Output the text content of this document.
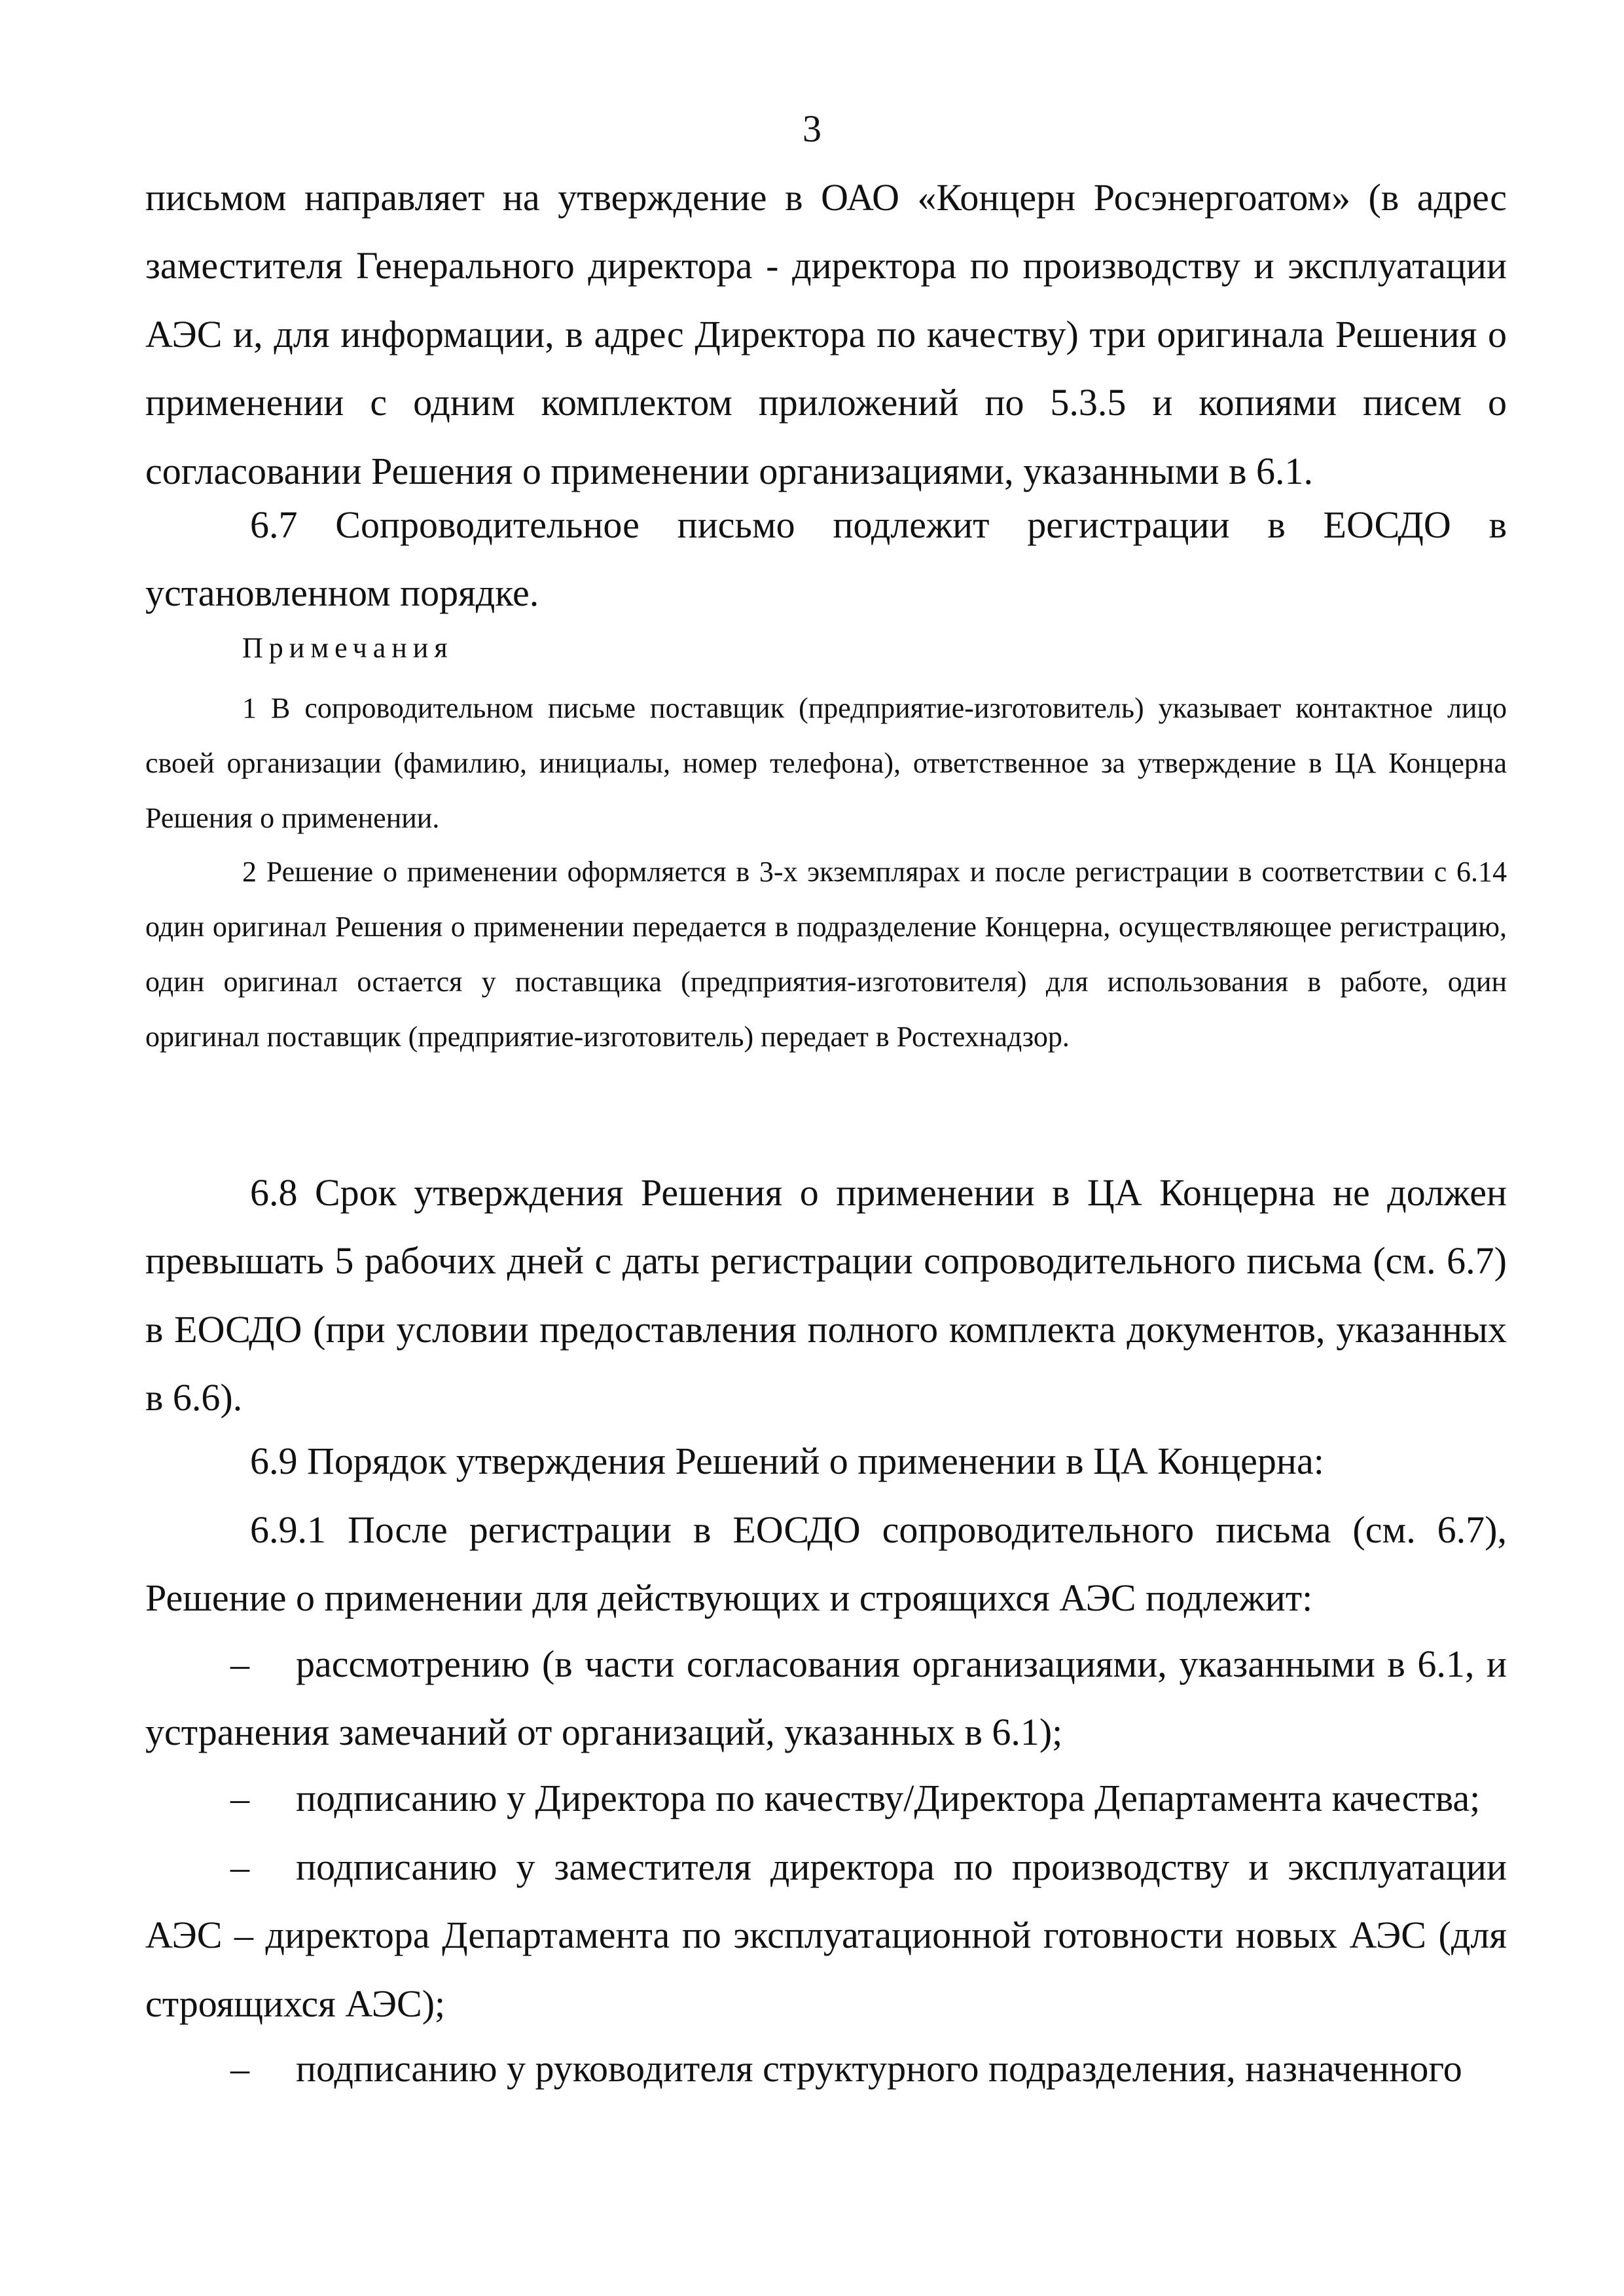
3

письмом направляет на утверждение в ОАО «Концерн Росэнергоатом» (в адрес заместителя Генерального директора - директора по производству и эксплуатации АЭС и, для информации, в адрес Директора по качеству) три оригинала Решения о применении с одним комплектом приложений по 5.3.5 и копиями писем о согласовании Решения о применении организациями, указанными в 6.1.

6.7 Сопроводительное письмо подлежит регистрации в ЕОСДО в установленном порядке.

Примечания

1 В сопроводительном письме поставщик (предприятие-изготовитель) указывает контактное лицо своей организации (фамилию, инициалы, номер телефона), ответственное за утверждение в ЦА Концерна Решения о применении.

2 Решение о применении оформляется в 3-х экземплярах и после регистрации в соответствии с 6.14 один оригинал Решения о применении передается в подразделение Концерна, осуществляющее регистрацию, один оригинал остается у поставщика (предприятия-изготовителя) для использования в работе, один оригинал поставщик (предприятие-изготовитель) передает в Ростехнадзор.

6.8 Срок утверждения Решения о применении в ЦА Концерна не должен превышать 5 рабочих дней с даты регистрации сопроводительного письма (см. 6.7) в ЕОСДО (при условии предоставления полного комплекта документов, указанных в 6.6).

6.9 Порядок утверждения Решений о применении в ЦА Концерна:

6.9.1 После регистрации в ЕОСДО сопроводительного письма (см. 6.7), Решение о применении для действующих и строящихся АЭС подлежит:

– рассмотрению (в части согласования организациями, указанными в 6.1, и устранения замечаний от организаций, указанных в 6.1);

– подписанию у Директора по качеству/Директора Департамента качества;

– подписанию у заместителя директора по производству и эксплуатации АЭС – директора Департамента по эксплуатационной готовности новых АЭС (для строящихся АЭС);

– подписанию у руководителя структурного подразделения, назначенного
